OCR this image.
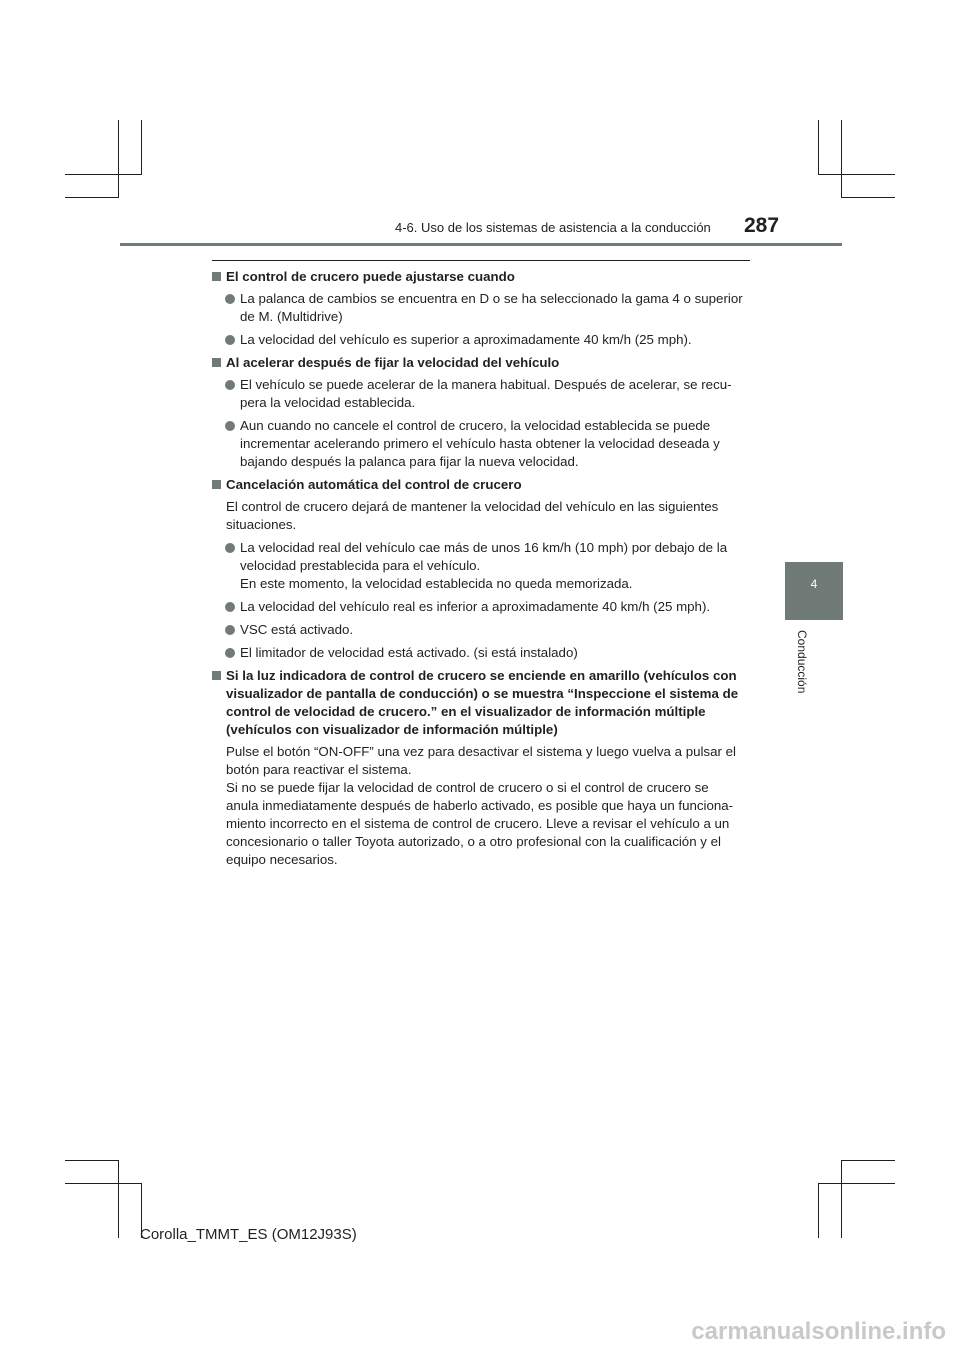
4-6. Uso de los sistemas de asistencia a la conducción 287
4
Conducción
El control de crucero puede ajustarse cuando
La palanca de cambios se encuentra en D o se ha seleccionado la gama 4 o superior
de M. (Multidrive)
La velocidad del vehículo es superior a aproximadamente 40 km/h (25 mph).
Al acelerar después de fijar la velocidad del vehículo
El vehículo se puede acelerar de la manera habitual. Después de acelerar, se recu-
pera la velocidad establecida.
Aun cuando no cancele el control de crucero, la velocidad establecida se puede
incrementar acelerando primero el vehículo hasta obtener la velocidad deseada y
bajando después la palanca para fijar la nueva velocidad.
Cancelación automática del control de crucero
El control de crucero dejará de mantener la velocidad del vehículo en las siguientes
situaciones.
La velocidad real del vehículo cae más de unos 16 km/h (10 mph) por debajo de la
velocidad prestablecida para el vehículo.
En este momento, la velocidad establecida no queda memorizada.
La velocidad del vehículo real es inferior a aproximadamente 40 km/h (25 mph).
VSC está activado.
El limitador de velocidad está activado. (si está instalado)
Si la luz indicadora de control de crucero se enciende en amarillo (vehículos con
visualizador de pantalla de conducción) o se muestra “Inspeccione el sistema de
control de velocidad de crucero.” en el visualizador de información múltiple
(vehículos con visualizador de información múltiple)
Pulse el botón “ON-OFF” una vez para desactivar el sistema y luego vuelva a pulsar el
botón para reactivar el sistema.
Si no se puede fijar la velocidad de control de crucero o si el control de crucero se
anula inmediatamente después de haberlo activado, es posible que haya un funciona-
miento incorrecto en el sistema de control de crucero. Lleve a revisar el vehículo a un
concesionario o taller Toyota autorizado, o a otro profesional con la cualificación y el
equipo necesarios.
Corolla_TMMT_ES (OM12J93S)
carmanualsonline.info
